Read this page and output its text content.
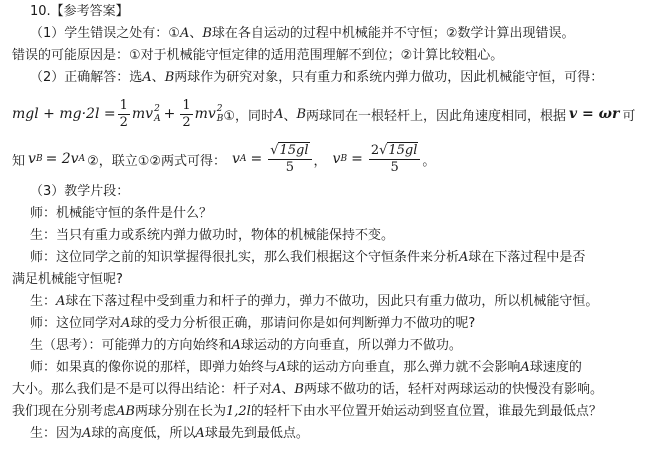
10.【参考答案】
（1）学生错误之处有：①A、B球在各自运动的过程中机械能并不守恒；②数学计算出现错误。
错误的可能原因是：①对于机械能守恒定律的适用范围理解不到位；②计算比较粗心。
（2）正确解答：选A、B两球作为研究对象，只有重力和系统内弹力做功，因此机械能守恒，可得：
mgl + $mg\cdot 2l = \frac{1}{2}$ mv 2
$A + \frac{1}{2}$ mv 2
B ①，同时 A 、 B 两球同在一根轻杆上，因此角速度相同，根据 v = ωr 可
知 v B = 2v A ②，联立①②两式可得： v $A = \frac{√15gl}{5}$ ， v $B = \frac{2√15gl}{5}$ 。
（3）教学片段：
师：机械能守恒的条件是什么？
生：当只有重力或系统内弹力做功时，物体的机械能保持不变。
师：这位同学之前的知识掌握得很扎实，那么我们根据这个守恒条件来分析A球在下落过程中是否
满足机械能守恒呢?
生：A球在下落过程中受到重力和杆子的弹力，弹力不做功，因此只有重力做功，所以机械能守恒。
师：这位同学对A球的受力分析很正确，那请问你是如何判断弹力不做功的呢?
生（思考）：可能弹力的方向始终和A球运动的方向垂直，所以弹力不做功。
师：如果真的像你说的那样，即弹力始终与A球的运动方向垂直，那么弹力就不会影响A球速度的
大小。那么我们是不是可以得出结论：杆子对A、B两球不做功的话，轻杆对两球运动的快慢没有影响。
我们现在分别考虑AB两球分别在长为1,2l的轻杆下由水平位置开始运动到竖直位置，谁最先到最低点？
生：因为A球的高度低，所以A球最先到最低点。
